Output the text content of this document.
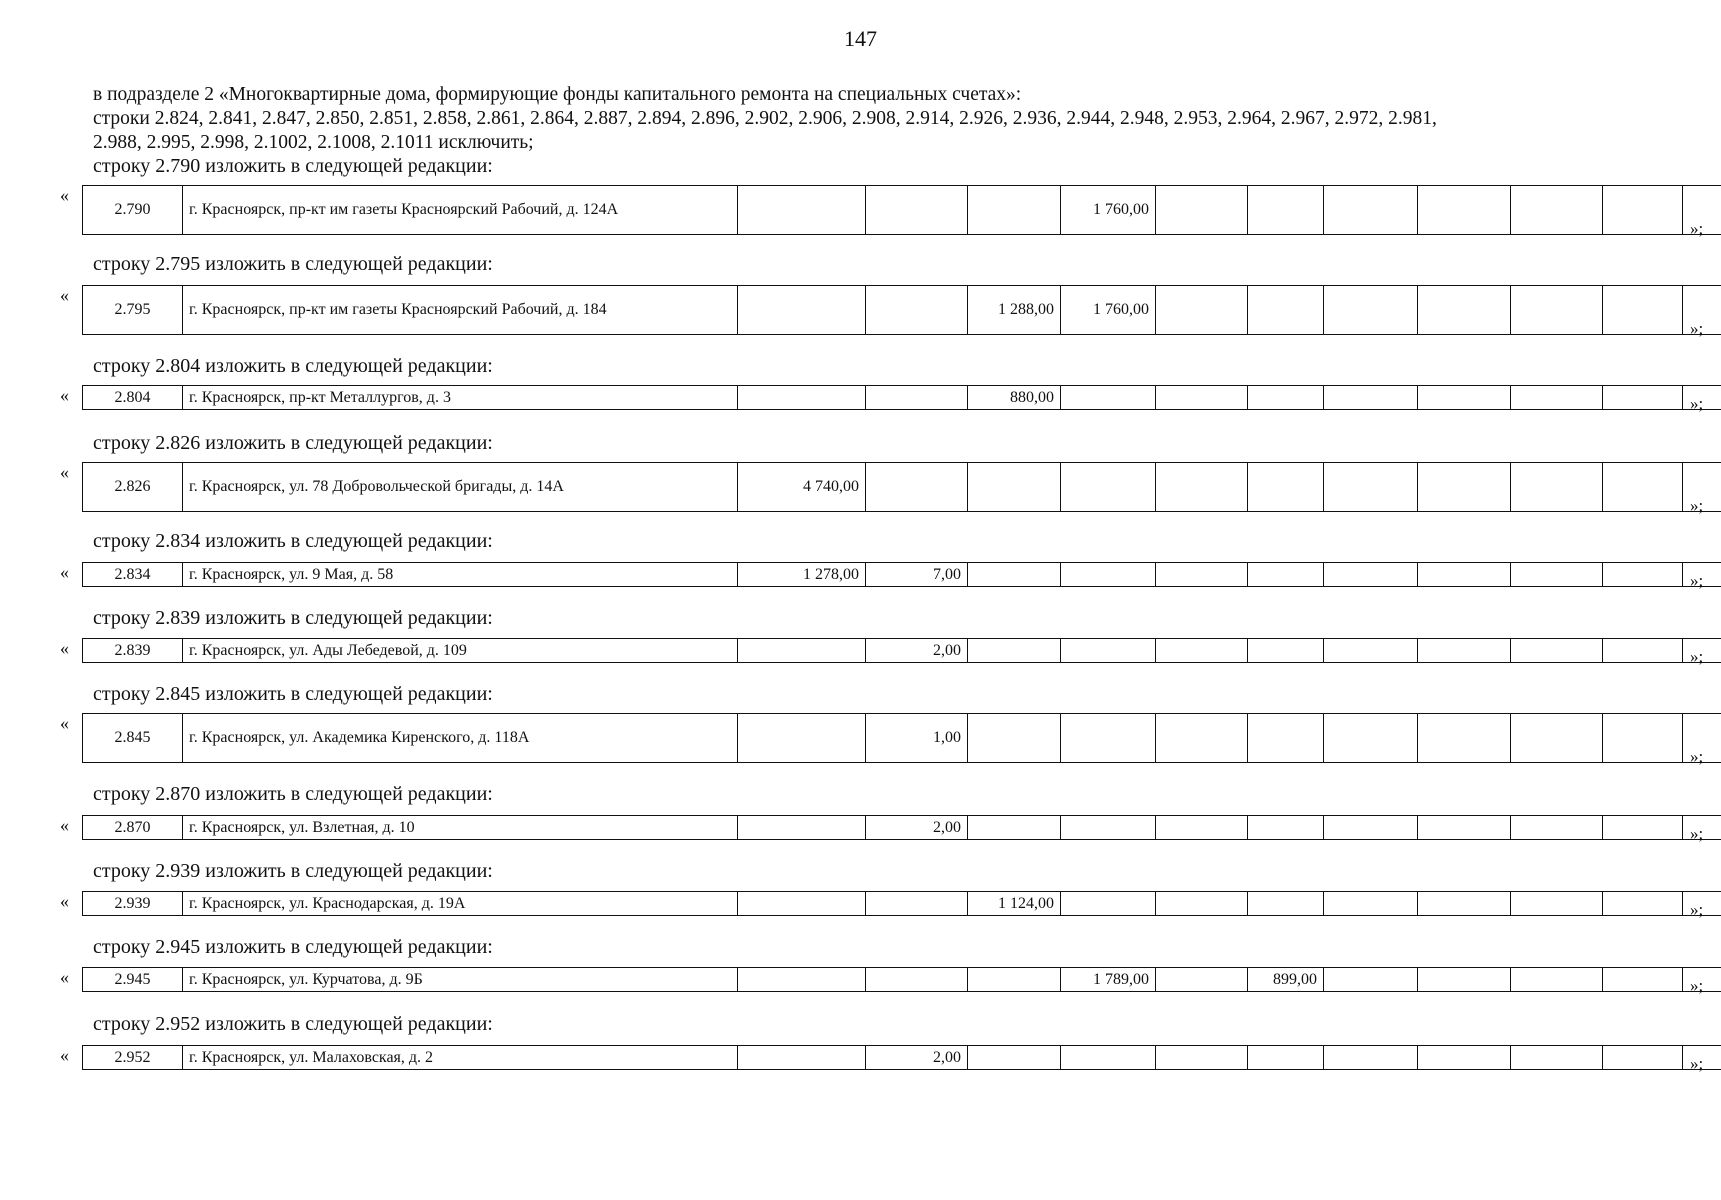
147

в подразделе 2 «Многоквартирные дома, формирующие фонды капитального ремонта на специальных счетах»:

строки 2.824, 2.841, 2.847, 2.850, 2.851, 2.858, 2.861, 2.864, 2.887, 2.894, 2.896, 2.902, 2.906, 2.908, 2.914, 2.926, 2.936, 2.944, 2.948, 2.953, 2.964, 2.967, 2.972, 2.981,

2.988, 2.995, 2.998, 2.1002, 2.1008, 2.1011 исключить;

строку 2.790 изложить в следующей редакции:
«
2.790	г. Красноярск, пр-кт им газеты Красноярский Рабочий, д. 124А				1 760,00							
»;
строку 2.795 изложить в следующей редакции:
«
2.795	г. Красноярск, пр-кт им газеты Красноярский Рабочий, д. 184			1 288,00	1 760,00							
»;
строку 2.804 изложить в следующей редакции:
«	2.804	г. Красноярск, пр-кт Металлургов, д. 3			880,00									»;
строку 2.826 изложить в следующей редакции:
«
2.826	г. Красноярск, ул. 78 Добровольческой бригады, д. 14А	4 740,00										
»;
строку 2.834 изложить в следующей редакции:
«	2.834	г. Красноярск, ул. 9 Мая, д. 58	1 278,00	7,00										»;
строку 2.839 изложить в следующей редакции:
«	2.839	г. Красноярск, ул. Ады Лебедевой, д. 109		2,00										»;
строку 2.845 изложить в следующей редакции:
«
2.845	г. Красноярск, ул. Академика Киренского, д. 118А		1,00									
»;
строку 2.870 изложить в следующей редакции:
«	2.870	г. Красноярск, ул. Взлетная, д. 10		2,00										»;
строку 2.939 изложить в следующей редакции:
«	2.939	г. Красноярск, ул. Краснодарская, д. 19А			1 124,00									»;
строку 2.945 изложить в следующей редакции:
«	2.945	г. Красноярск, ул. Курчатова, д. 9Б				1 789,00		899,00						»;
строку 2.952 изложить в следующей редакции:
«	2.952	г. Красноярск, ул. Малаховская, д. 2		2,00										»;
